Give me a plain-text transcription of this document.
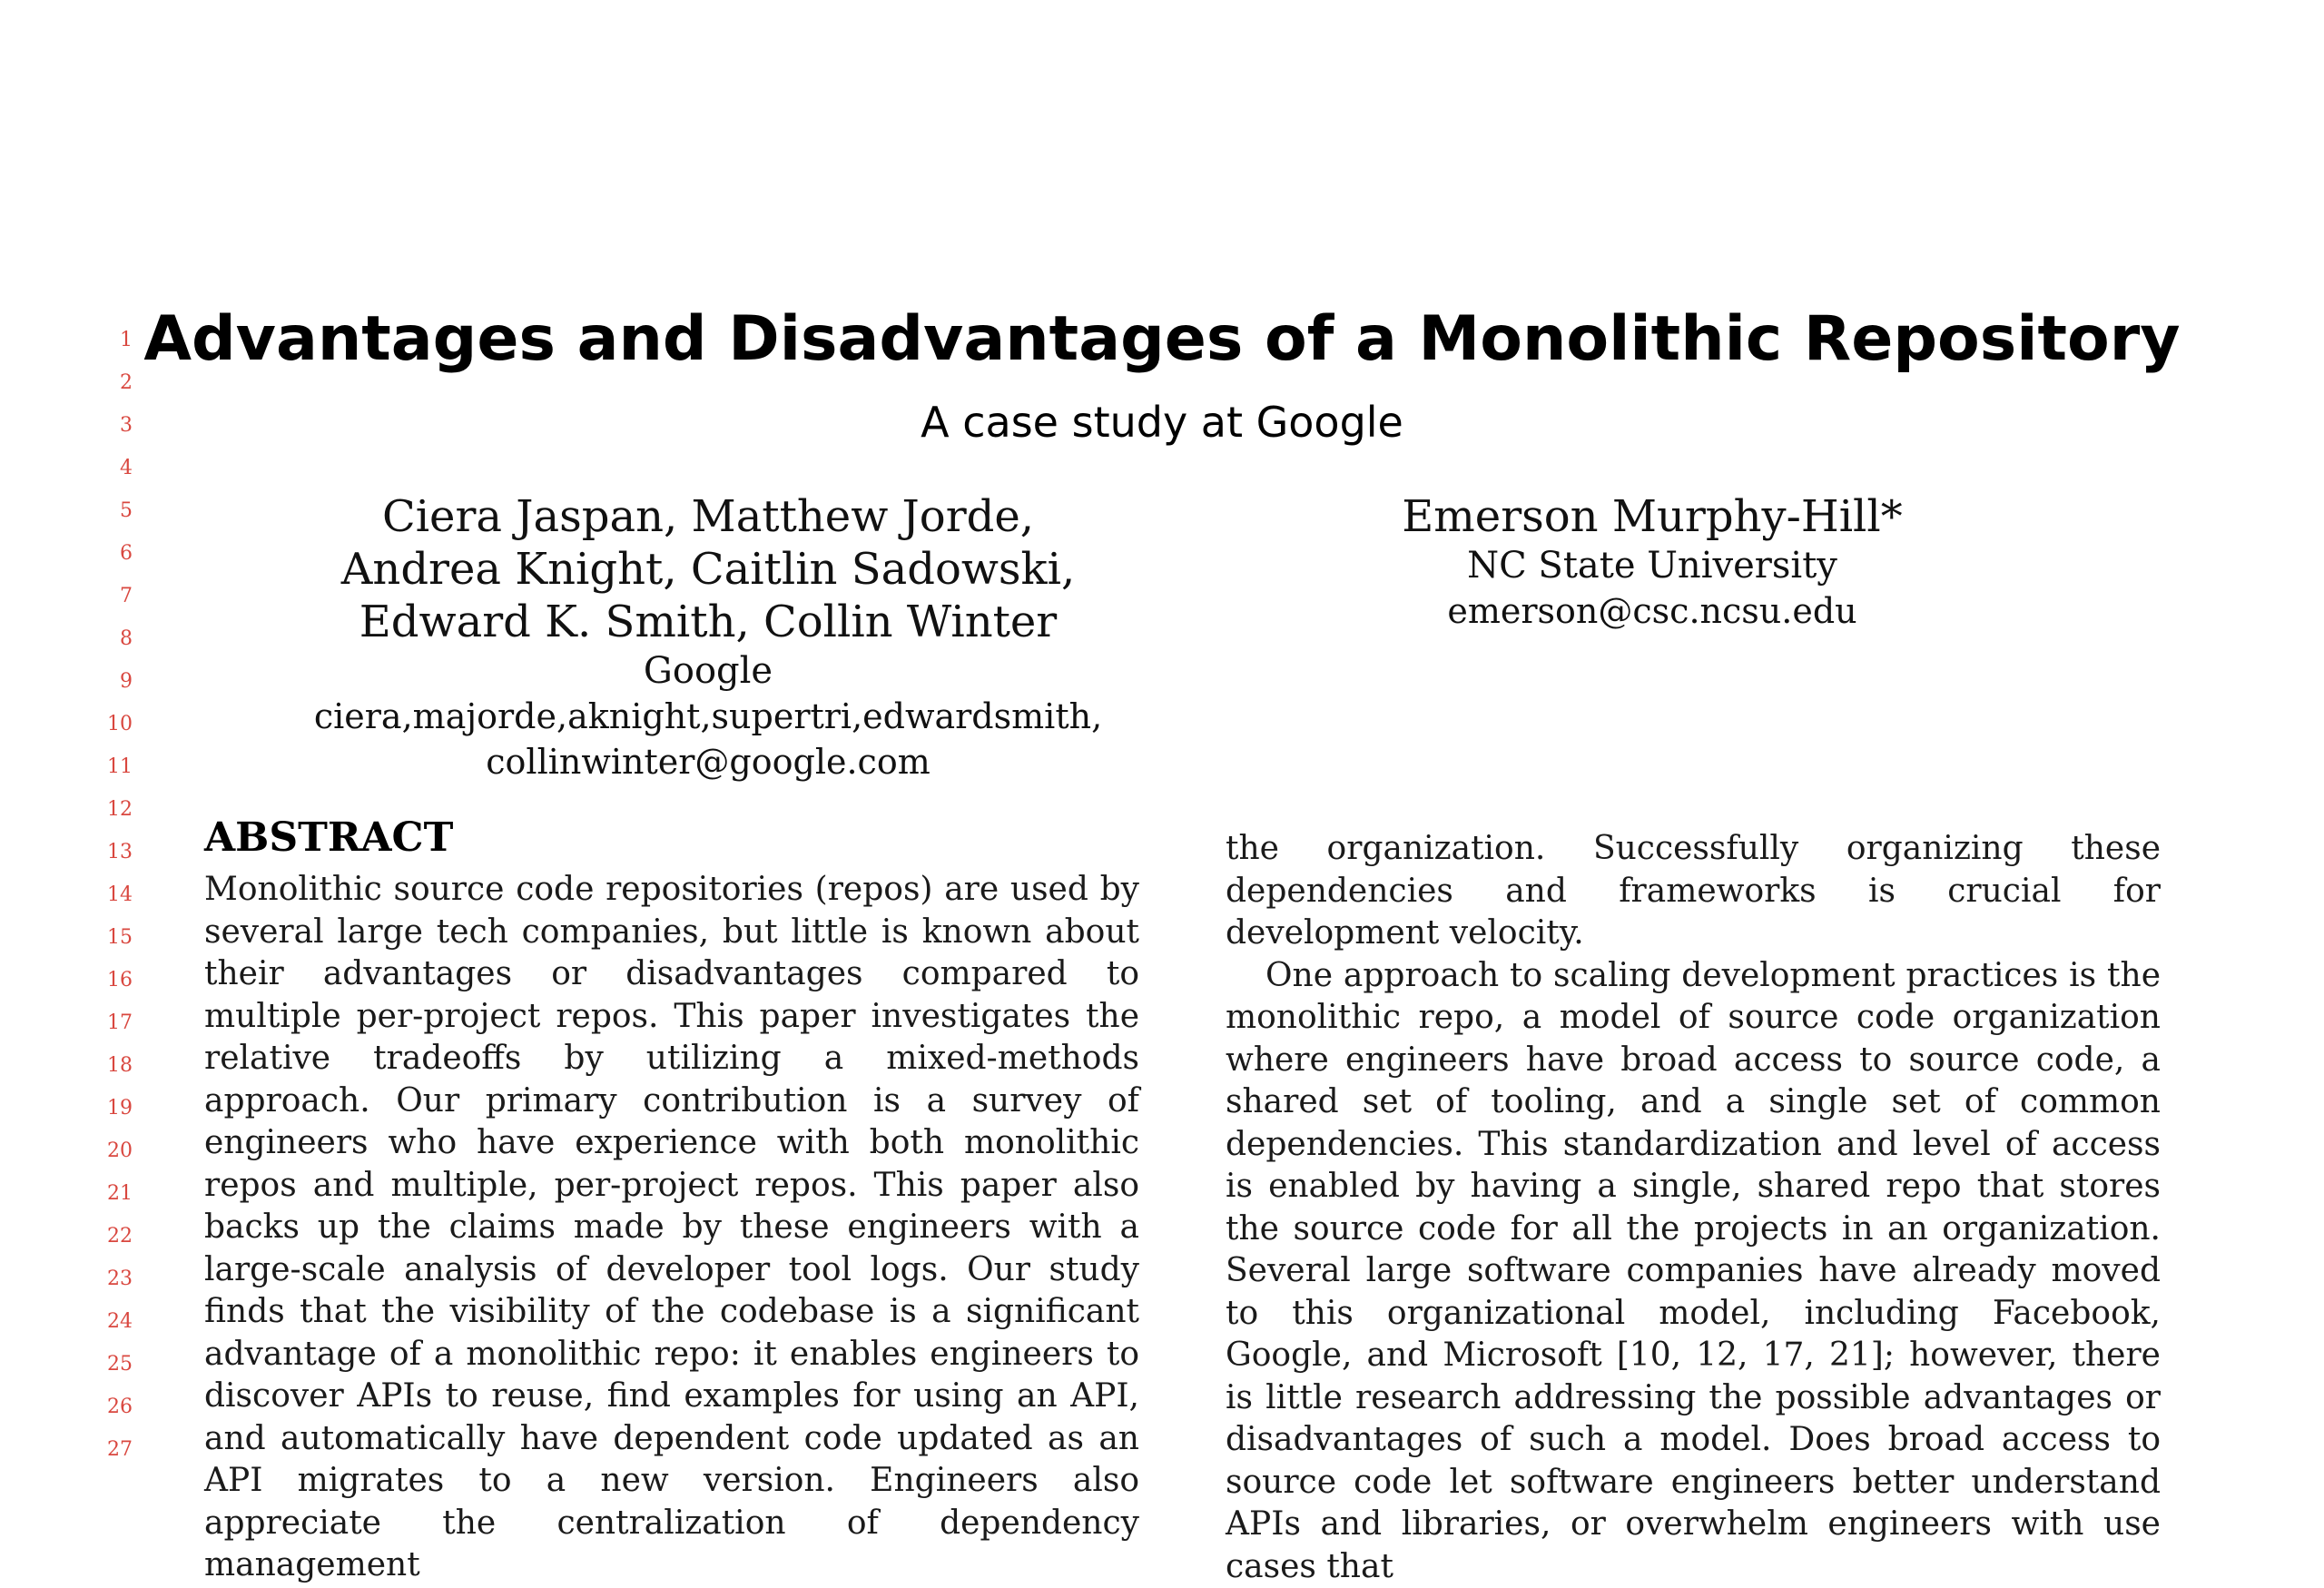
1
2
3
4
5
6
7
8
9
10
11
12
13
14
15
16
17
18
19
20
21
22
23
24
25
26
27
Advantages and Disadvantages of a Monolithic Repository
A case study at Google
Ciera Jaspan, Matthew Jorde,
Andrea Knight, Caitlin Sadowski,
Edward K. Smith, Collin Winter
Google
ciera,majorde,aknight,supertri,edwardsmith,
collinwinter@google.com
Emerson Murphy-Hill*
NC State University
emerson@csc.ncsu.edu
ABSTRACT

Monolithic source code repositories (repos) are used by several large tech companies, but little is known about their advantages or disadvantages compared to multiple per-project repos. This paper investigates the relative tradeoffs by utilizing a mixed-methods approach. Our primary contribution is a survey of engineers who have experience with both monolithic repos and multiple, per-project repos. This paper also backs up the claims made by these engineers with a large-scale analysis of developer tool logs. Our study finds that the visibility of the codebase is a significant advantage of a monolithic repo: it enables engineers to discover APIs to reuse, find examples for using an API, and automatically have dependent code updated as an API migrates to a new version. Engineers also appreciate the centralization of dependency management

the organization. Successfully organizing these dependencies and frameworks is crucial for development velocity.

One approach to scaling development practices is the monolithic repo, a model of source code organization where engineers have broad access to source code, a shared set of tooling, and a single set of common dependencies. This standardization and level of access is enabled by having a single, shared repo that stores the source code for all the projects in an organization. Several large software companies have already moved to this organizational model, including Facebook, Google, and Microsoft [10, 12, 17, 21]; however, there is little research addressing the possible advantages or disadvantages of such a model. Does broad access to source code let software engineers better understand APIs and libraries, or overwhelm engineers with use cases that
